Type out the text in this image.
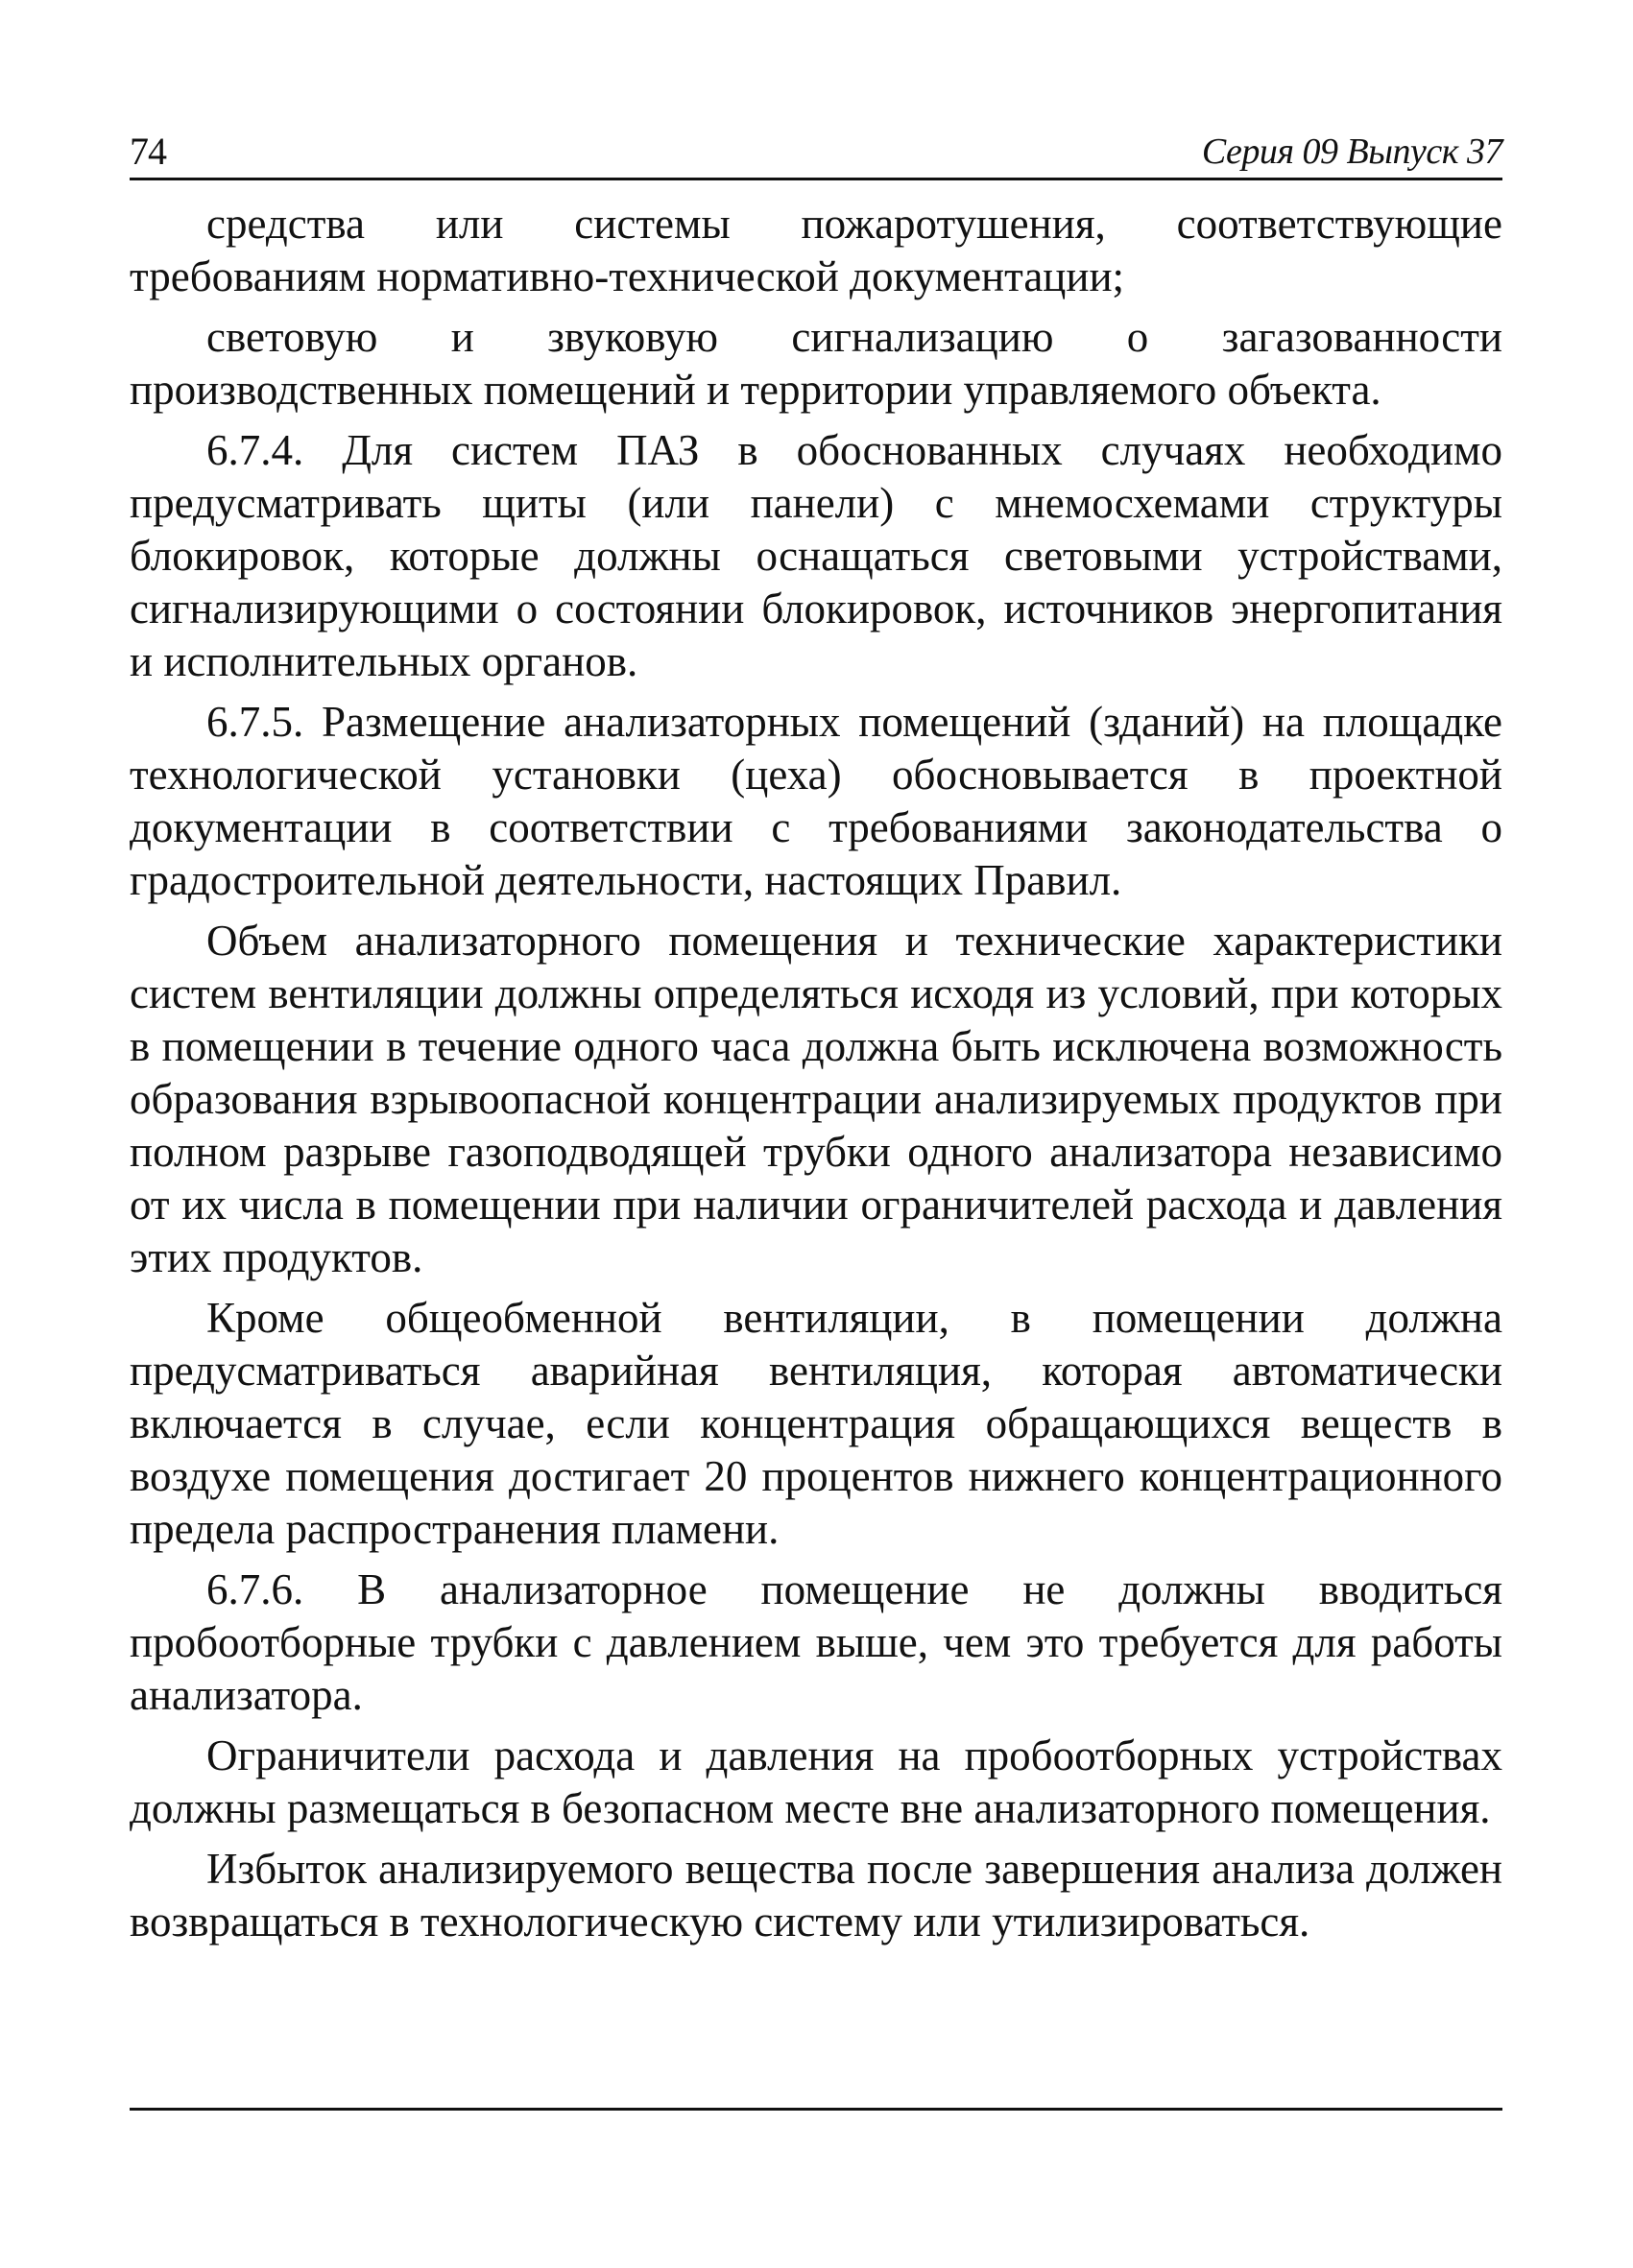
74	Серия 09 Выпуск 37

средства или системы пожаротушения, соответствующие требованиям нормативно-технической документации;

световую и звуковую сигнализацию о загазованности производственных помещений и территории управляемого объекта.

6.7.4. Для систем ПАЗ в обоснованных случаях необходимо предусматривать щиты (или панели) с мнемосхемами структуры блокировок, которые должны оснащаться световыми устройствами, сигнализирующими о состоянии блокировок, источников энергопитания и исполнительных органов.

6.7.5. Размещение анализаторных помещений (зданий) на площадке технологической установки (цеха) обосновывается в проектной документации в соответствии с требованиями законодательства о градостроительной деятельности, настоящих Правил.

Объем анализаторного помещения и технические характеристики систем вентиляции должны определяться исходя из условий, при которых в помещении в течение одного часа должна быть исключена возможность образования взрывоопасной концентрации анализируемых продуктов при полном разрыве газоподводящей трубки одного анализатора независимо от их числа в помещении при наличии ограничителей расхода и давления этих продуктов.

Кроме общеобменной вентиляции, в помещении должна предусматриваться аварийная вентиляция, которая автоматически включается в случае, если концентрация обращающихся веществ в воздухе помещения достигает 20 процентов нижнего концентрационного предела распространения пламени.

6.7.6. В анализаторное помещение не должны вводиться пробоотборные трубки с давлением выше, чем это требуется для работы анализатора.

Ограничители расхода и давления на пробоотборных устройствах должны размещаться в безопасном месте вне анализаторного помещения.

Избыток анализируемого вещества после завершения анализа должен возвращаться в технологическую систему или утилизироваться.
